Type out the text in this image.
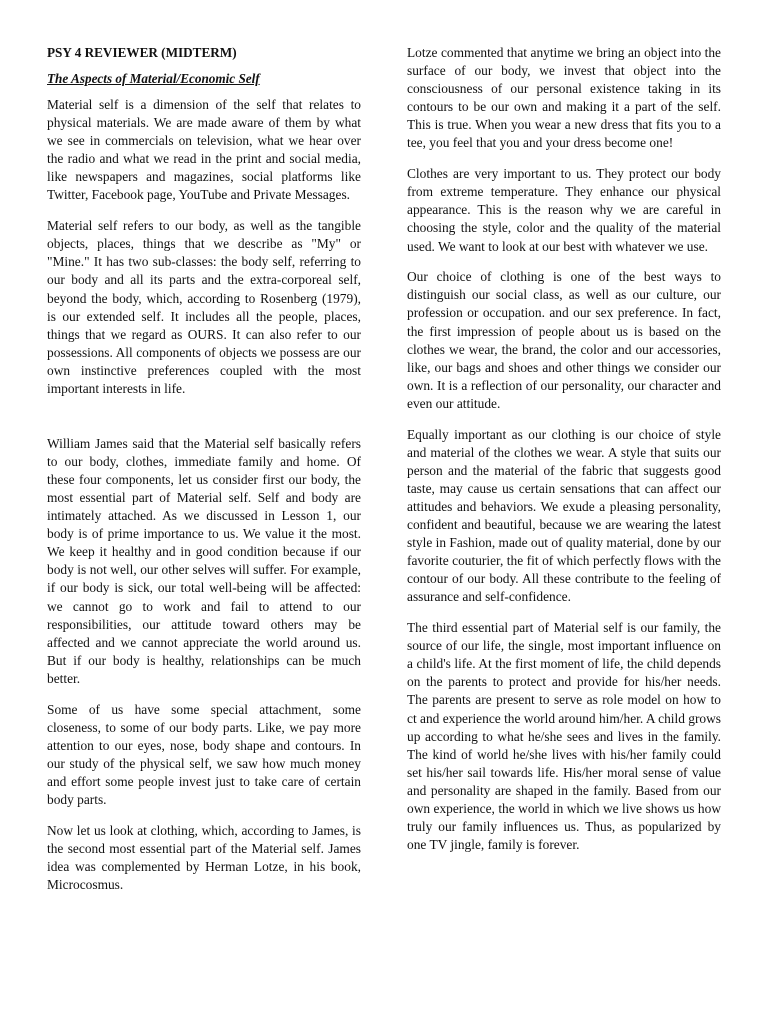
PSY 4 REVIEWER (MIDTERM)
The Aspects of Material/Economic Self

Material self is a dimension of the self that relates to physical materials. We are made aware of them by what we see in commercials on television, what we hear over the radio and what we read in the print and social media, like newspapers and magazines, social platforms like Twitter, Facebook page, YouTube and Private Messages.

Material self refers to our body, as well as the tangible objects, places, things that we describe as "My" or "Mine." It has two sub-classes: the body self, referring to our body and all its parts and the extra-corporeal self, beyond the body, which, according to Rosenberg (1979), is our extended self. It includes all the people, places, things that we regard as OURS. It can also refer to our possessions. All components of objects we possess are our own instinctive preferences coupled with the most important interests in life.

William James said that the Material self basically refers to our body, clothes, immediate family and home. Of these four components, let us consider first our body, the most essential part of Material self. Self and body are intimately attached. As we discussed in Lesson 1, our body is of prime importance to us. We value it the most. We keep it healthy and in good condition because if our body is not well, our other selves will suffer. For example, if our body is sick, our total well-being will be affected: we cannot go to work and fail to attend to our responsibilities, our attitude toward others may be affected and we cannot appreciate the world around us. But if our body is healthy, relationships can be much better.

Some of us have some special attachment, some closeness, to some of our body parts. Like, we pay more attention to our eyes, nose, body shape and contours. In our study of the physical self, we saw how much money and effort some people invest just to take care of certain body parts.

Now let us look at clothing, which, according to James, is the second most essential part of the Material self. James idea was complemented by Herman Lotze, in his book, Microcosmus.

Lotze commented that anytime we bring an object into the surface of our body, we invest that object into the consciousness of our personal existence taking in its contours to be our own and making it a part of the self. This is true. When you wear a new dress that fits you to a tee, you feel that you and your dress become one!

Clothes are very important to us. They protect our body from extreme temperature. They enhance our physical appearance. This is the reason why we are careful in choosing the style, color and the quality of the material used. We want to look at our best with whatever we use.

Our choice of clothing is one of the best ways to distinguish our social class, as well as our culture, our profession or occupation. and our sex preference. In fact, the first impression of people about us is based on the clothes we wear, the brand, the color and our accessories, like, our bags and shoes and other things we consider our own. It is a reflection of our personality, our character and even our attitude.

Equally important as our clothing is our choice of style and material of the clothes we wear. A style that suits our person and the material of the fabric that suggests good taste, may cause us certain sensations that can affect our attitudes and behaviors. We exude a pleasing personality, confident and beautiful, because we are wearing the latest style in Fashion, made out of quality material, done by our favorite couturier, the fit of which perfectly flows with the contour of our body. All these contribute to the feeling of assurance and self-confidence.

The third essential part of Material self is our family, the source of our life, the single, most important influence on a child's life. At the first moment of life, the child depends on the parents to protect and provide for his/her needs. The parents are present to serve as role model on how to ct and experience the world around him/her. A child grows up according to what he/she sees and lives in the family. The kind of world he/she lives with his/her family could set his/her sail towards life. His/her moral sense of value and personality are shaped in the family. Based from our own experience, the world in which we live shows us how truly our family influences us. Thus, as popularized by one TV jingle, family is forever.
